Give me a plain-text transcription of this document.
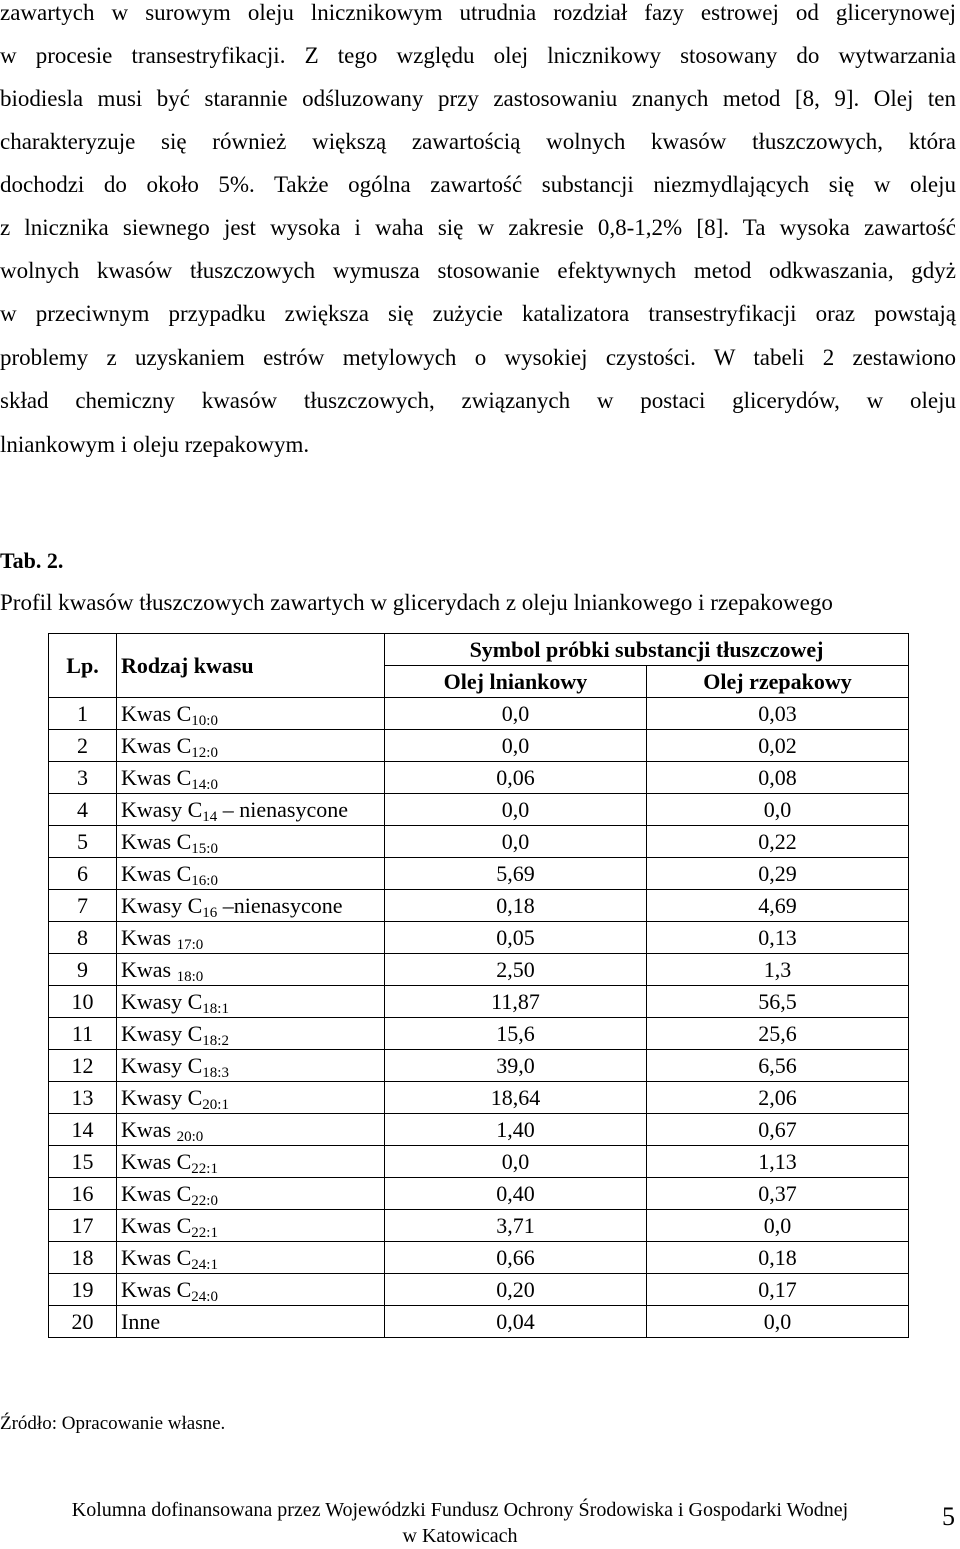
zawartych w surowym oleju lnicznikowym utrudnia rozdział fazy estrowej od glicerynowej
w procesie transestryfikacji. Z tego względu olej lnicznikowy stosowany do wytwarzania
biodiesla musi być starannie odśluzowany przy zastosowaniu znanych metod [8, 9]. Olej ten
charakteryzuje się również większą zawartością wolnych kwasów tłuszczowych, która
dochodzi do około 5%. Także ogólna zawartość substancji niezmydlających się w oleju
z lnicznika siewnego jest wysoka i waha się w zakresie 0,8-1,2% [8]. Ta wysoka zawartość
wolnych kwasów tłuszczowych wymusza stosowanie efektywnych metod odkwaszania, gdyż
w przeciwnym przypadku zwiększa się zużycie katalizatora transestryfikacji oraz powstają
problemy z uzyskaniem estrów metylowych o wysokiej czystości. W tabeli 2 zestawiono
skład chemiczny kwasów tłuszczowych, związanych w postaci glicerydów, w oleju
lniankowym i oleju rzepakowym.
Tab. 2.
Profil kwasów tłuszczowych zawartych w glicerydach z oleju lniankowego i rzepakowego
Lp.	Rodzaj kwasu	Symbol próbki substancji tłuszczowej	
		Olej lniankowy	Olej rzepakowy
1	Kwas $C_{10:0}$	0,0	0,03
2	Kwas $C_{12:0}$	0,0	0,02
3	Kwas $C_{14:0}$	0,06	0,08
4	Kwasy $C_{14}$ – nienasycone	0,0	0,0
5	Kwas $C_{15:0}$	0,0	0,22
6	Kwas $C_{16:0}$	5,69	0,29
7	Kwasy $C_{16}$ –nienasycone	0,18	4,69
8	Kwas $_{17:0}$	0,05	0,13
9	Kwas $_{18:0}$	2,50	1,3
10	Kwasy $C_{18:1}$	11,87	56,5
11	Kwasy $C_{18:2}$	15,6	25,6
12	Kwasy $C_{18:3}$	39,0	6,56
13	Kwasy $C_{20:1}$	18,64	2,06
14	Kwas $_{20:0}$	1,40	0,67
15	Kwas $C_{22:1}$	0,0	1,13
16	Kwas $C_{22:0}$	0,40	0,37
17	Kwas $C_{22:1}$	3,71	0,0
18	Kwas $C_{24:1}$	0,66	0,18
19	Kwas $C_{24:0}$	0,20	0,17
20	Inne	0,04	0,0
Źródło: Opracowanie własne.
Kolumna dofinansowana przez Wojewódzki Fundusz Ochrony Środowiska i Gospodarki Wodnej
w Katowicach
5
